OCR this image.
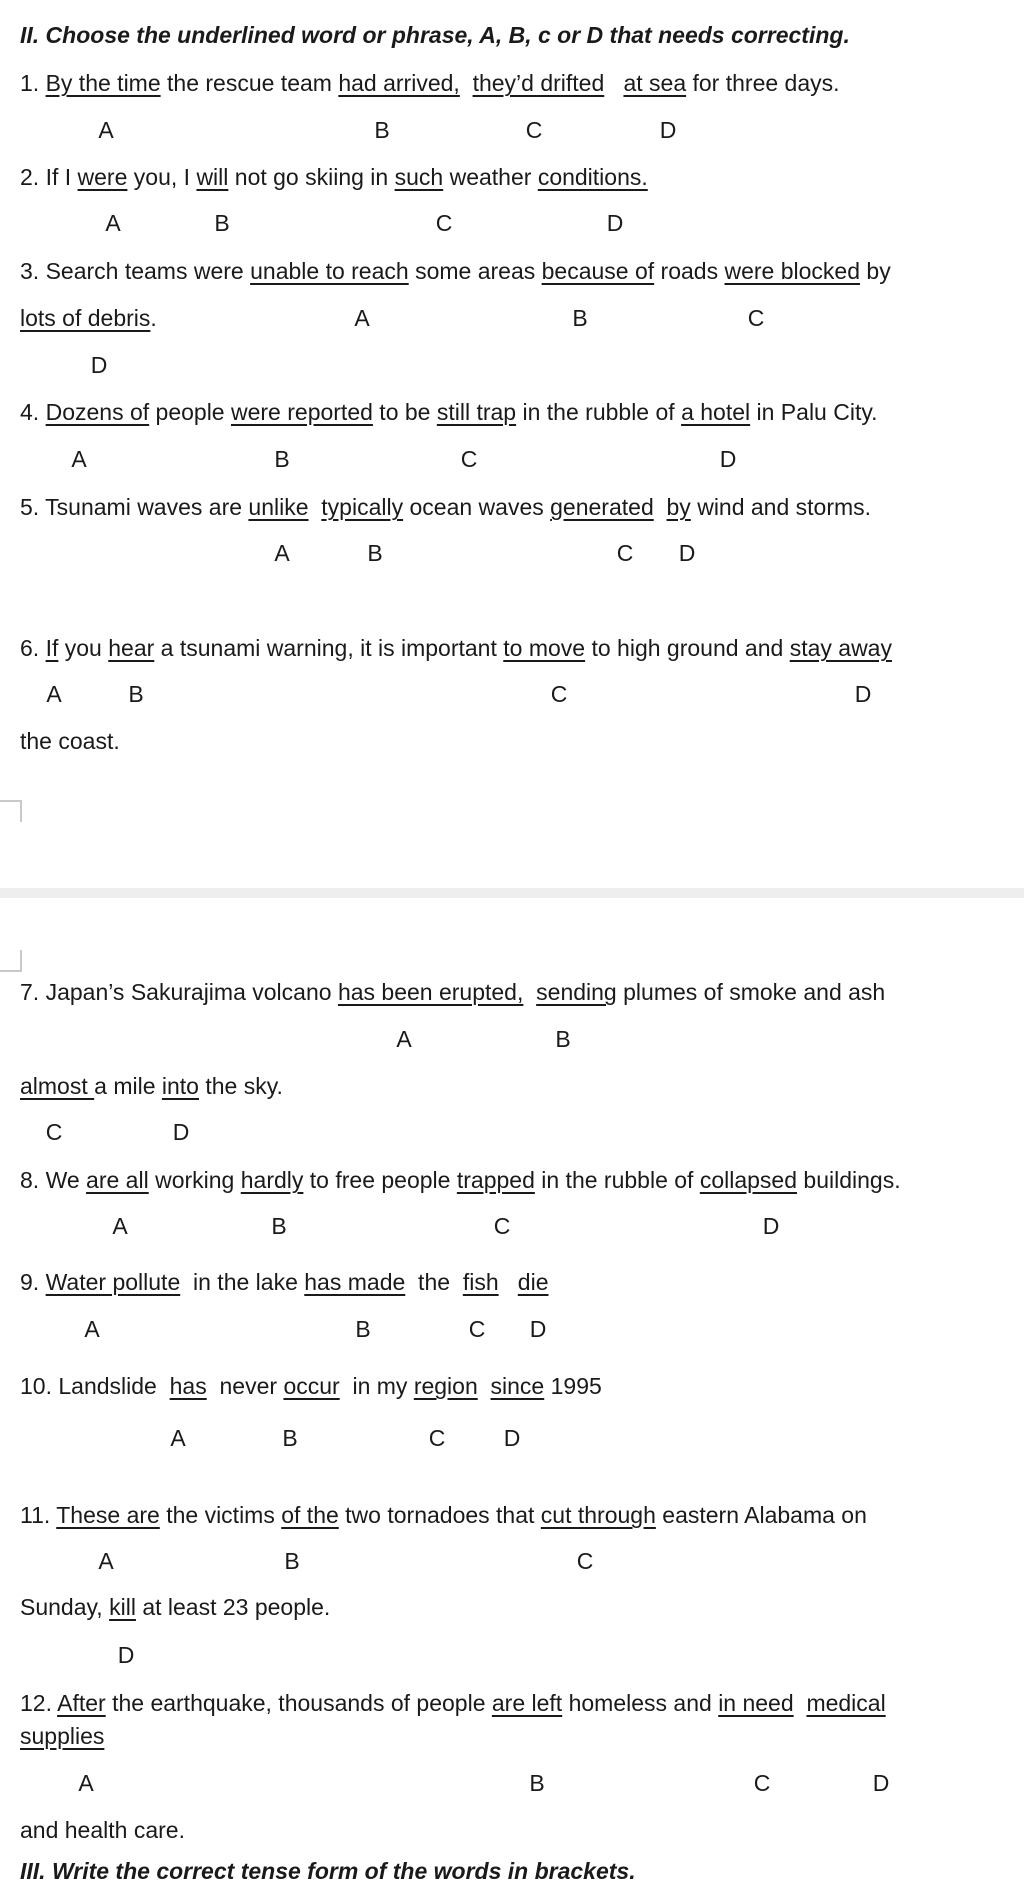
II. Choose the underlined word or phrase, A, B, c or D that needs correcting.
1. By the time the rescue team had arrived, they’d drifted at sea for three days.
A	B	C	D
2. If I were you, I will not go skiing in such weather conditions.
A	B	C	D
3. Search teams were unable to reach some areas because of roads were blocked by
lots of debris.	A	B	C
D
4. Dozens of people were reported to be still trap in the rubble of a hotel in Palu City.
A	B	C	D
5. Tsunami waves are unlike typically ocean waves generated by wind and storms.
A	B	C D
6. If you hear a tsunami warning, it is important to move to high ground and stay away
A	B	C	D
the coast.
7. Japan’s Sakurajima volcano has been erupted, sending plumes of smoke and ash
A	B
almost a mile into the sky.
C	D
8. We are all working hardly to free people trapped in the rubble of collapsed buildings.
A	B	C	D
9. Water pollute  in the lake has made  the  fish die
A	B	C D
10. Landslide  has  never occur  in my region since 1995
A	B	C	D
11. These are the victims of the two tornadoes that cut through eastern Alabama on
A	B	C
Sunday, kill at least 23 people.
D
12. After the earthquake, thousands of people are left homeless and in need medical
supplies
A	B	C	D
and health care.
III. Write the correct tense form of the words in brackets.
